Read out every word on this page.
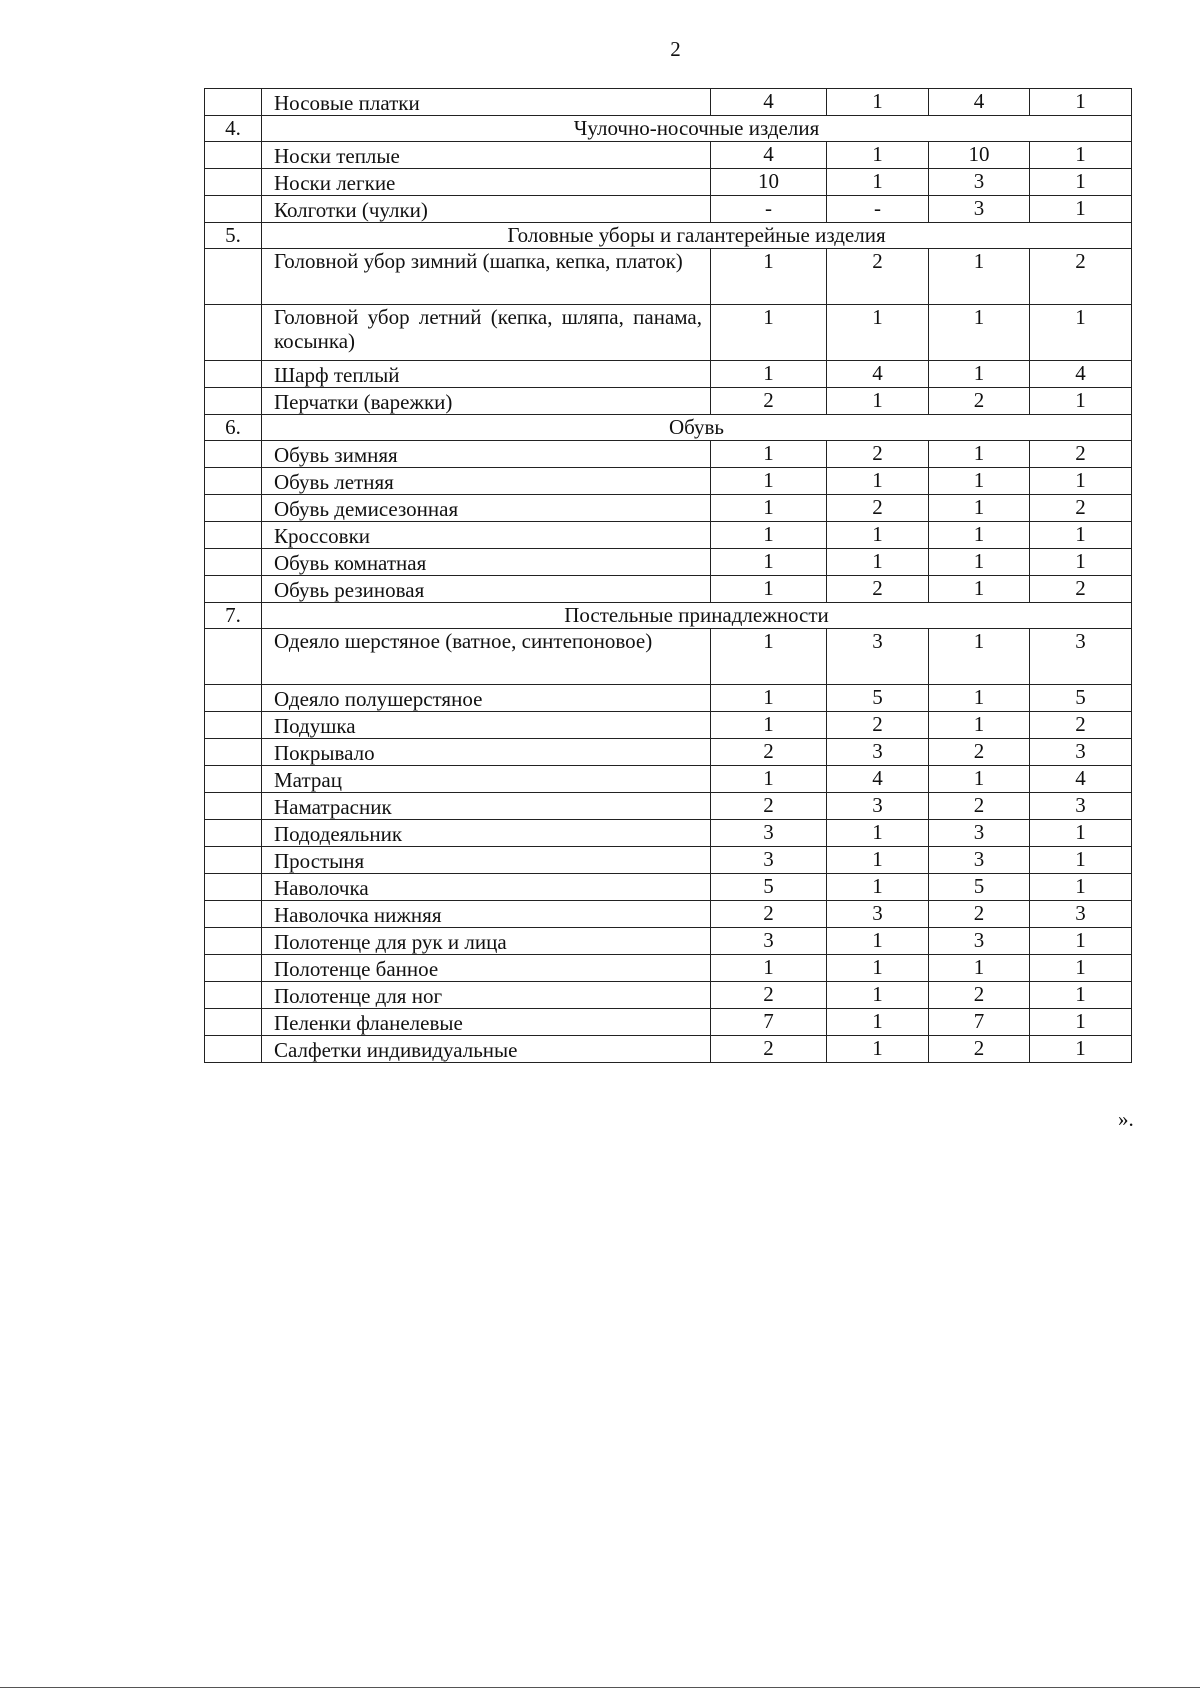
2
	Носовые платки	4	1	4	1
4.	Чулочно-носочные изделия				
	Носки теплые	4	1	10	1
	Носки легкие	10	1	3	1
	Колготки (чулки)	-	-	3	1
5.	Головные уборы и галантерейные изделия				
	Головной убор зимний (шапка, кепка, платок)	1	2	1	2
	Головной убор летний (кепка, шляпа, панама, косынка)	1	1	1	1
	Шарф теплый	1	4	1	4
	Перчатки (варежки)	2	1	2	1
6.	Обувь				
	Обувь зимняя	1	2	1	2
	Обувь летняя	1	1	1	1
	Обувь демисезонная	1	2	1	2
	Кроссовки	1	1	1	1
	Обувь комнатная	1	1	1	1
	Обувь резиновая	1	2	1	2
7.	Постельные принадлежности				
	Одеяло шерстяное (ватное, синтепоновое)	1	3	1	3
	Одеяло полушерстяное	1	5	1	5
	Подушка	1	2	1	2
	Покрывало	2	3	2	3
	Матрац	1	4	1	4
	Наматрасник	2	3	2	3
	Пододеяльник	3	1	3	1
	Простыня	3	1	3	1
	Наволочка	5	1	5	1
	Наволочка нижняя	2	3	2	3
	Полотенце для рук и лица	3	1	3	1
	Полотенце банное	1	1	1	1
	Полотенце для ног	2	1	2	1
	Пеленки фланелевые	7	1	7	1
	Салфетки индивидуальные	2	1	2	1
».
